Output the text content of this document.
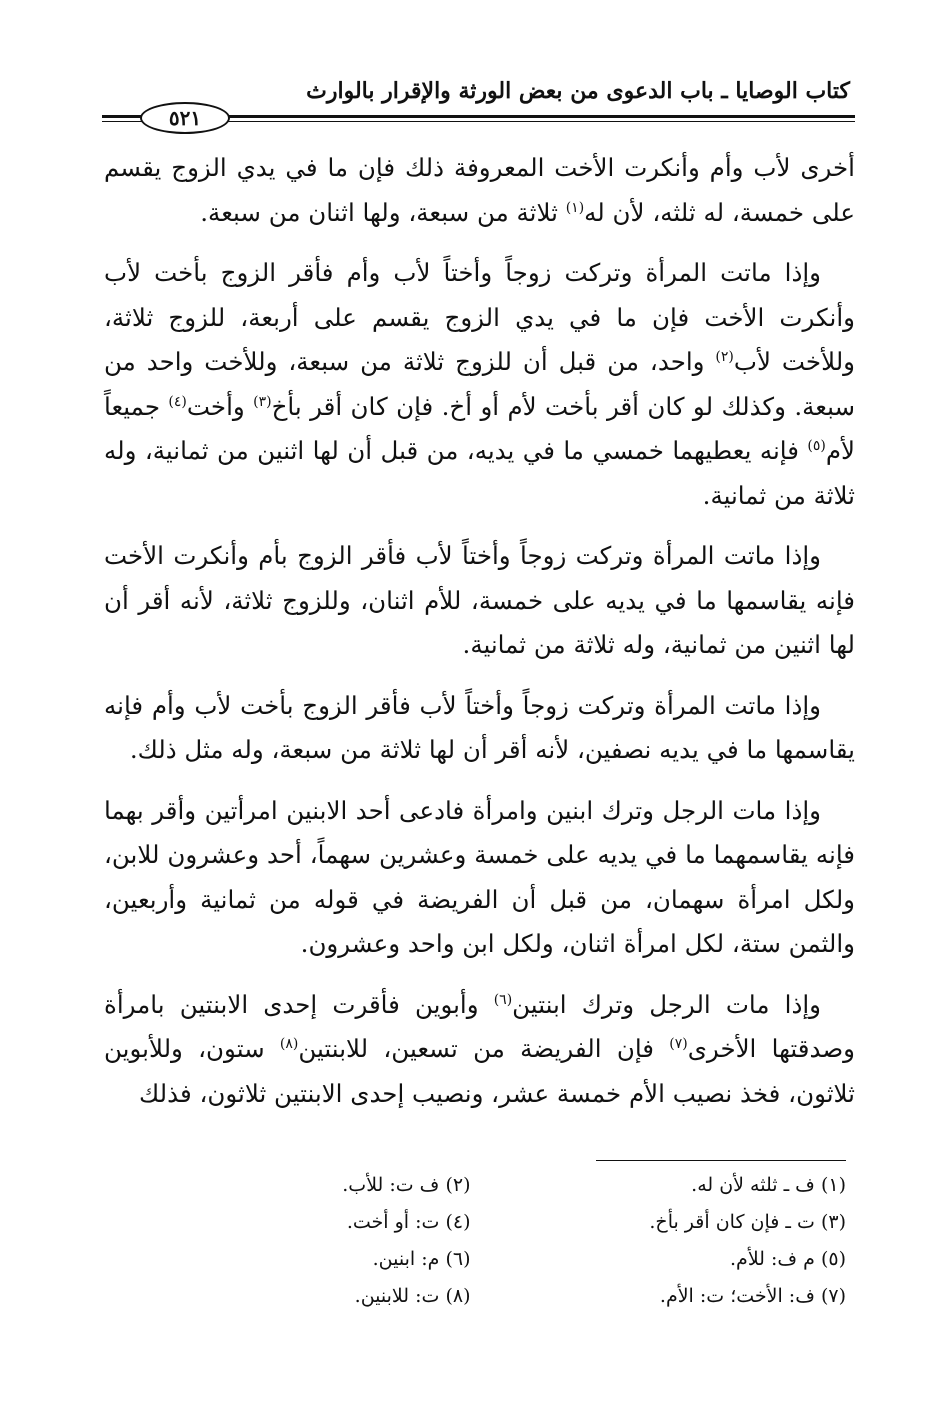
كتاب الوصايا ـ باب الدعوى من بعض الورثة والإقرار بالوارث
٥٢١

أخرى لأب وأم وأنكرت الأخت المعروفة ذلك فإن ما في يدي الزوج يقسم على خمسة، له ثلثه، لأن له$^{(١)}$ ثلاثة من سبعة، ولها اثنان من سبعة.

وإذا ماتت المرأة وتركت زوجاً وأختاً لأب وأم فأقر الزوج بأخت لأب وأنكرت الأخت فإن ما في يدي الزوج يقسم على أربعة، للزوج ثلاثة، وللأخت لأب$^{(٢)}$ واحد، من قبل أن للزوج ثلاثة من سبعة، وللأخت واحد من سبعة. وكذلك لو كان أقر بأخت لأم أو أخ. فإن كان أقر بأخ$^{(٣)}$ وأخت$^{(٤)}$ جميعاً لأم$^{(٥)}$ فإنه يعطيهما خمسي ما في يديه، من قبل أن لها اثنين من ثمانية، وله ثلاثة من ثمانية.

وإذا ماتت المرأة وتركت زوجاً وأختاً لأب فأقر الزوج بأم وأنكرت الأخت فإنه يقاسمها ما في يديه على خمسة، للأم اثنان، وللزوج ثلاثة، لأنه أقر أن لها اثنين من ثمانية، وله ثلاثة من ثمانية.

وإذا ماتت المرأة وتركت زوجاً وأختاً لأب فأقر الزوج بأخت لأب وأم فإنه يقاسمها ما في يديه نصفين، لأنه أقر أن لها ثلاثة من سبعة، وله مثل ذلك.

وإذا مات الرجل وترك ابنين وامرأة فادعى أحد الابنين امرأتين وأقر بهما فإنه يقاسمهما ما في يديه على خمسة وعشرين سهماً، أحد وعشرون للابن، ولكل امرأة سهمان، من قبل أن الفريضة في قوله من ثمانية وأربعين، والثمن ستة، لكل امرأة اثنان، ولكل ابن واحد وعشرون.

وإذا مات الرجل وترك ابنتين$^{(٦)}$ وأبوين فأقرت إحدى الابنتين بامرأة وصدقتها الأخرى$^{(٧)}$ فإن الفريضة من تسعين، للابنتين$^{(٨)}$ ستون، وللأبوين ثلاثون، فخذ نصيب الأم خمسة عشر، ونصيب إحدى الابنتين ثلاثون، فذلك

(١) ف ـ ثلثه لأن له.
(٢) ف ت: للأب.
(٣) ت ـ فإن كان أقر بأخ.
(٤) ت: أو أخت.
(٥) م ف: للأم.
(٦) م: ابنين.
(٧) ف: الأخت؛ ت: الأم.
(٨) ت: للابنين.
